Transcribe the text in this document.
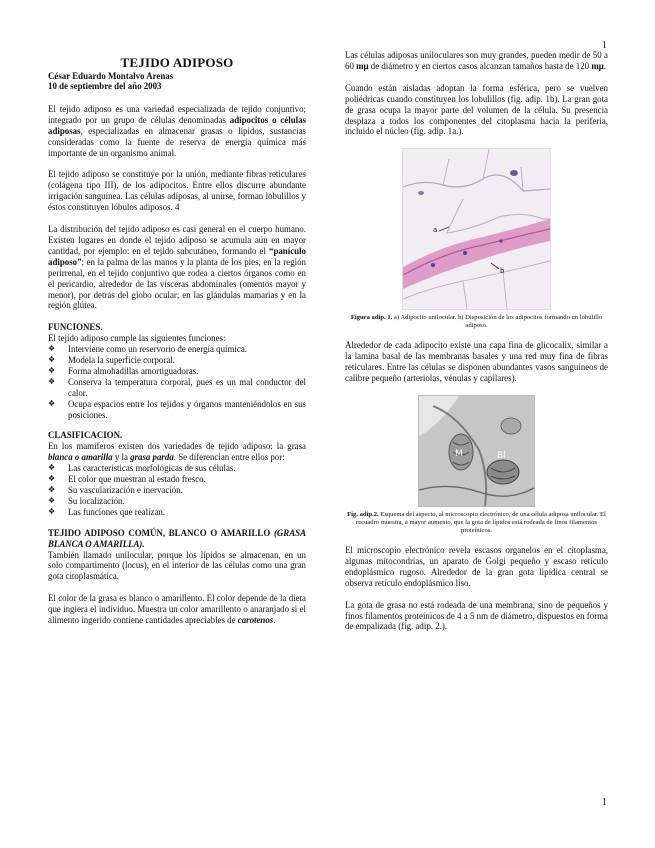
1
TEJIDO ADIPOSO
César Eduardo Montalvo Arenas
10 de septiembre del año 2003

El tejido adiposo es una variedad especializada de tejido conjuntivo; integrado por un grupo de células denominadas adipocitos o células adiposas, especializadas en almacenar grasas o lípidos, sustancias consideradas como la fuente de reserva de energía química más importante de un organismo animal.

El tejido adiposo se constituye por la unión, mediante fibras reticulares (colágena tipo III), de los adipocitos. Entre ellos discurre abundante irrigación sanguínea. Las células adiposas, al unirse, forman lobulillos y éstos constituyen lóbulos adiposos. 4

La distribución del tejido adiposo es casi general en el cuerpo humano. Existen lugares en donde el tejido adiposo se acumula aún en mayor cantidad, por ejemplo: en el tejido subcutáneo, formando el “panículo adiposo”; en la palma de las manos y la planta de los pies, en la región perirrenal, en el tejido conjuntivo que rodea a ciertos órganos como en el pericardio, alrededor de las vísceras abdominales (omentos mayor y menor), por detrás del globo ocular; en las glándulas mamarias y en la región glútea.

FUNCIONES.
El tejido adiposo cumple las siguientes funciones:
❖ Interviene como un reservorio de energía química.
❖ Modela la superficie corporal.
❖ Forma almohadillas amortiguadoras.
❖ Conserva la temperatura corporal, pues es un mal conductor del calor.
❖ Ocupa espacios entre los tejidos y órganos manteniéndolos en sus posiciones.
CLASIFICACION.
En los mamíferos existen dos variedades de tejido adiposo: la grasa blanca o amarilla y la grasa parda. Se diferencian entre ellos por:
❖ Las características morfológicas de sus células.
❖ El color que muestran al estado fresco.
❖ Su vascularización e inervación.
❖ Su localización.
❖ Las funciones que realizan.
TEJIDO ADIPOSO COMÚN, BLANCO O AMARILLO (GRASA BLANCA O AMARILLA).

También llamado unilocular, porque los lípidos se almacenan, en un solo compartimento (locus), en el interior de las células como una gran gota citoplasmática.

El color de la grasa es blanco o amarillento. El color depende de la dieta que ingiera el individuo. Muestra un color amarillento o anaranjado si el alimento ingerido contiene cantidades apreciables de carotenos.

Las células adiposas uniloculares son muy grandes, pueden medir de 50 a 60 mμ de diámetro y en ciertos casos alcanzan tamaños hasta de 120 mμ.

Cuando están aisladas adoptan la forma esférica, pero se vuelven poliédricas cuando constituyen los lobulillos (fig. adip. 1b). La gran gota de grasa ocupa la mayor parte del volumen de la célula. Su presencia desplaza a todos los componentes del citoplasma hacia la periferia, incluido el núcleo (fig. adip. 1a.).

a
b
Figura adip. 1. a) Adipocito unilocular. b) Disposición de los adipocitos formando un lobulillo adiposo.

Alrededor de cada adipocito existe una capa fina de glicocalix, similar a la lamina basal de las membranas basales y una red muy fina de fibras reticulares. Entre las células se disponen abundantes vasos sanguíneos de calibre pequeño (arteriolas, vénulas y capilares).

M	Bl
Fig. adip.2. Esquema del aspecto, al microscopio electrónico, de una célula adiposa unilocular. El recuadro muestra, a mayor aumento, que la gota de lípidos está rodeada de finos filamentos proteínicos.

El microscopio electrónico revela escasos organelos en el citoplasma, algunas mitocondrias, un aparato de Golgi pequeño y escaso retículo endoplásmico rugoso. Alrededor de la gran gota lipídica central se observa retículo endoplásmico liso.

La gota de grasa no está rodeada de una membrana, sino de pequeños y finos filamentos proteínicos de 4 a 5 nm de diámetro, dispuestos en forma de empalizada (fig. adip. 2.).

1
